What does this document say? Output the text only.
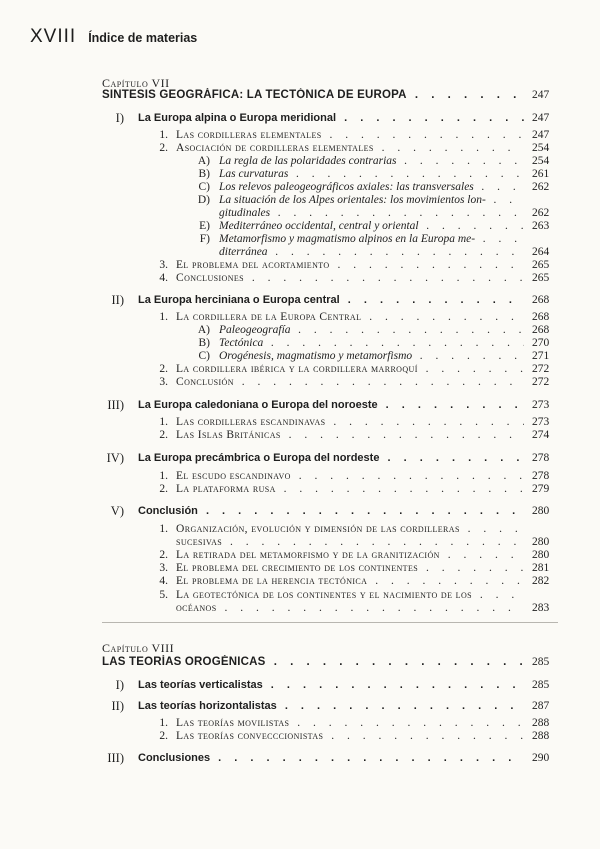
XVIII Índice de materias
Capítulo VII
SINTESIS GEOGRÁFICA: LA TECTÓNICA DE EUROPA . . .	247
I) La Europa alpina o Europa meridional . . .	247
1. Las cordilleras elementales . . .	247
2. Asociación de cordilleras elementales . . .	254
A) La regla de las polaridades contrarias . . .	254
B) Las curvaturas . . .	261
C) Los relevos paleogeográficos axiales: las transversales . . .	262
D) La situación de los Alpes orientales: los movimientos lon- . . .
gitudinales . . .	262
E) Mediterráneo occidental, central y oriental . . .	263
F) Metamorfismo y magmatismo alpinos en la Europa me- . . .
diterránea . . .	264
3. El problema del acortamiento . . .	265
4. Conclusiones . . .	265
II) La Europa herciniana o Europa central . . .	268
1. La cordillera de la Europa Central . . .	268
A) Paleogeografía . . .	268
B) Tectónica . . .	270
C) Orogénesis, magmatismo y metamorfismo . . .	271
2. La cordillera ibérica y la cordillera marroquí . . .	272
3. Conclusión . . .	272
III) La Europa caledoniana o Europa del noroeste . . .	273
1. Las cordilleras escandinavas . . .	273
2. Las Islas Británicas . . .	274
IV) La Europa precámbrica o Europa del nordeste . . .	278
1. El escudo escandinavo . . .	278
2. La plataforma rusa . . .	279
V) Conclusión . . .	280
1. Organización, evolución y dimensión de las cordilleras . . .
sucesivas . . .	280
2. La retirada del metamorfismo y de la granitización . . .	280
3. El problema del crecimiento de los continentes . . .	281
4. El problema de la herencia tectónica . . .	282
5. La geotectónica de los continentes y el nacimiento de los . . .
océanos . . .	283
Capítulo VIII
LAS TEORÍAS OROGÉNICAS . . .	285
I) Las teorías verticalistas . . .	285
II) Las teorías horizontalistas . . .	287
1. Las teorías movilistas . . .	288
2. Las teorías convecccionistas . . .	288
III) Conclusiones . . .	290
